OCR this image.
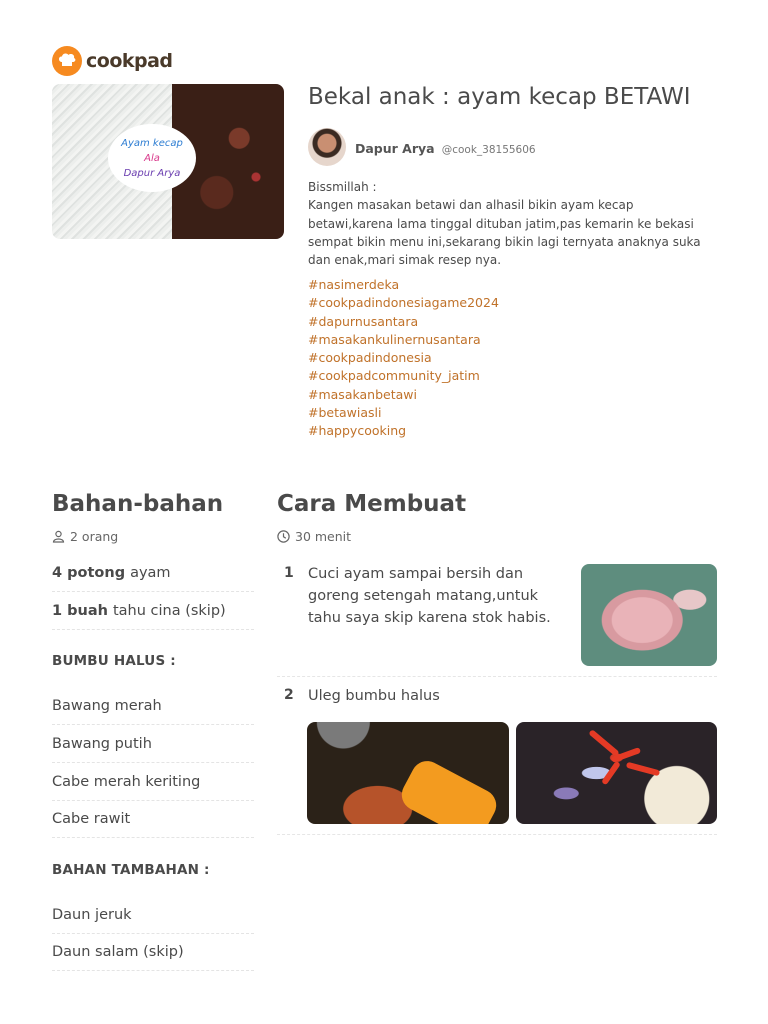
cookpad
Ayam kecap
Ala
Dapur Arya
Bekal anak : ayam kecap BETAWI
Dapur Arya @cook_38155606
Bissmillah :
Kangen masakan betawi dan alhasil bikin ayam kecap betawi,karena lama tinggal dituban jatim,pas kemarin ke bekasi sempat bikin menu ini,sekarang bikin lagi ternyata anaknya suka dan enak,mari simak resep nya.
#nasimerdeka
#cookpadindonesiagame2024
#dapurnusantara
#masakankulinernusantara
#cookpadindonesia
#cookpadcommunity_jatim
#masakanbetawi
#betawiasli
#happycooking
Bahan-bahan
2 orang
4 potong ayam
1 buah tahu cina (skip)
BUMBU HALUS :
Bawang merah
Bawang putih
Cabe merah keriting
Cabe rawit
BAHAN TAMBAHAN :
Daun jeruk
Daun salam (skip)
Cara Membuat
30 menit
1 Cuci ayam sampai bersih dan goreng setengah matang,untuk tahu saya skip karena stok habis.
2 Uleg bumbu halus
